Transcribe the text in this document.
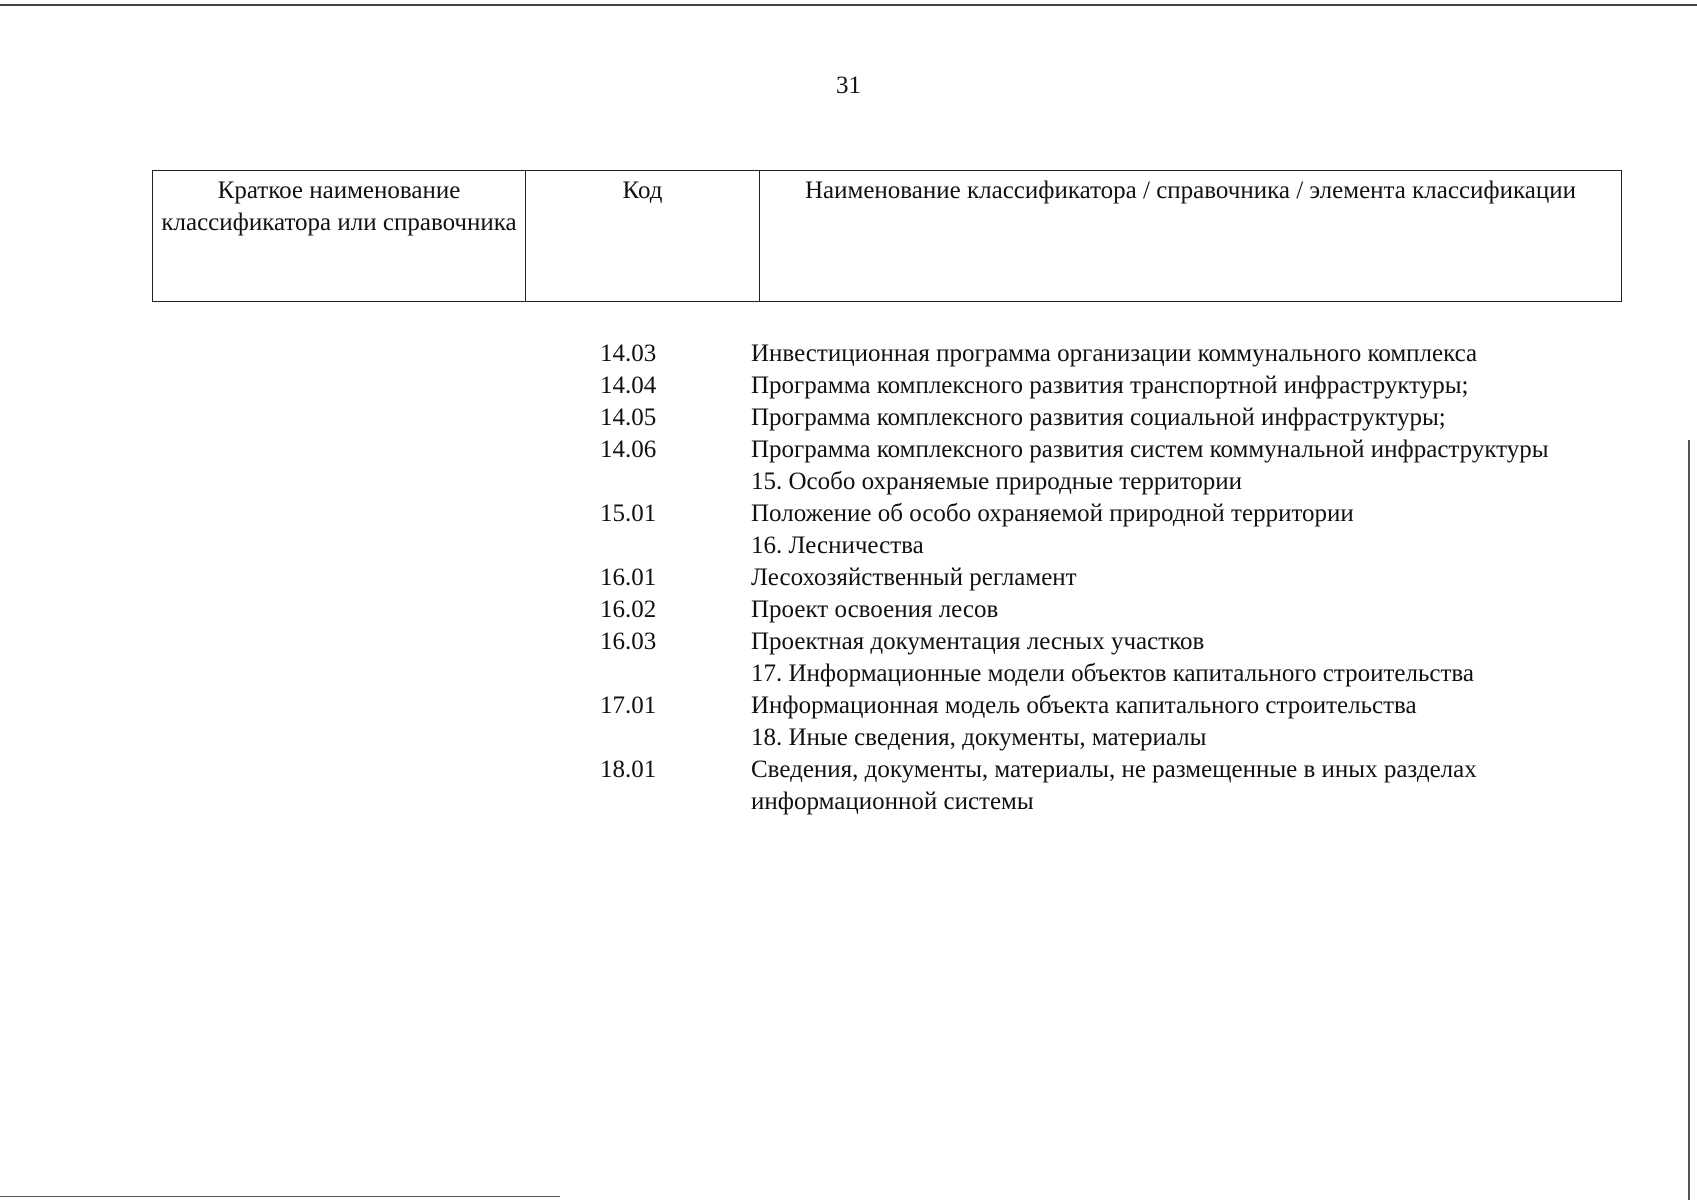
31
Краткое наименование классификатора или справочника	Код	Наименование классификатора / справочника / элемента классификации
14.03	Инвестиционная программа организации коммунального комплекса
14.04	Программа комплексного развития транспортной инфраструктуры;
14.05	Программа комплексного развития социальной инфраструктуры;
14.06	Программа комплексного развития систем коммунальной инфраструктуры
15. Особо охраняемые природные территории
15.01	Положение об особо охраняемой природной территории
16. Лесничества
16.01	Лесохозяйственный регламент
16.02	Проект освоения лесов
16.03	Проектная документация лесных участков
17. Информационные модели объектов капитального строительства
17.01	Информационная модель объекта капитального строительства
18. Иные сведения, документы, материалы
18.01	Сведения, документы, материалы, не размещенные в иных разделах информационной системы
